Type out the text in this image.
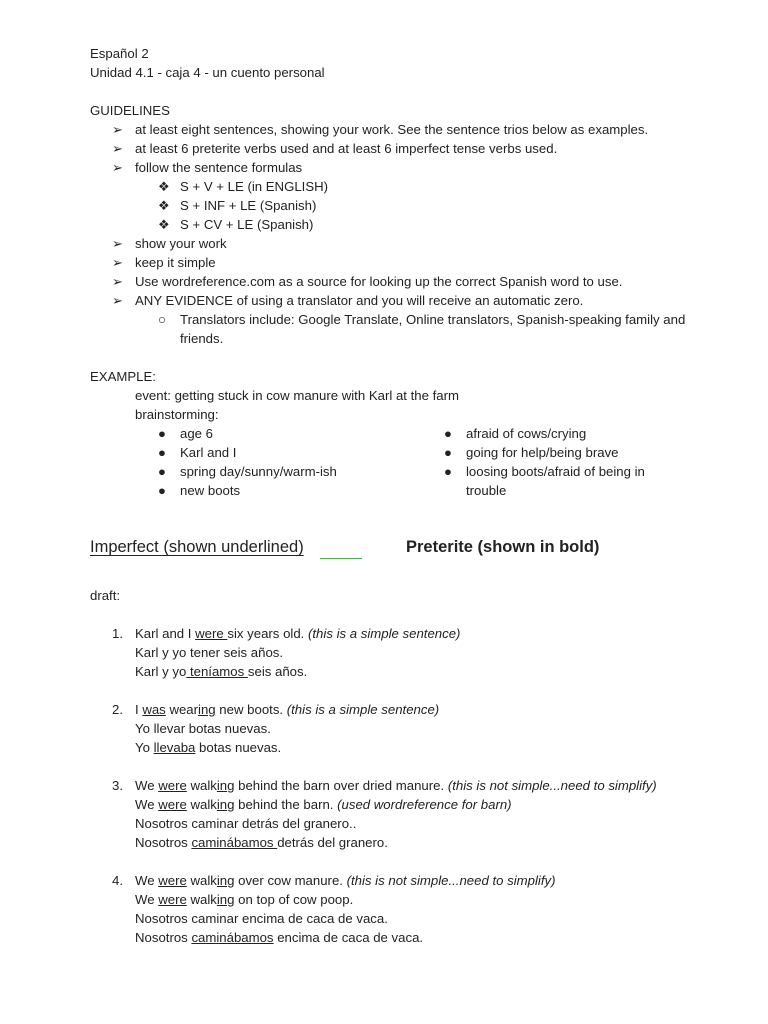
Español 2
Unidad 4.1 - caja 4 - un cuento personal
GUIDELINES
➢ at least eight sentences, showing your work. See the sentence trios below as examples.
➢ at least 6 preterite verbs used and at least 6 imperfect tense verbs used.
➢ follow the sentence formulas
❖ S + V + LE (in ENGLISH)
❖ S + INF + LE (Spanish)
❖ S + CV + LE (Spanish)
➢ show your work
➢ keep it simple
➢ Use wordreference.com as a source for looking up the correct Spanish word to use.
➢ ANY EVIDENCE of using a translator and you will receive an automatic zero.
○	Translators include: Google Translate, Online translators, Spanish-speaking family and friends.
EXAMPLE:
event: getting stuck in cow manure with Karl at the farm
brainstorming:
●	age 6
●	Karl and I
●	spring day/sunny/warm-ish
●	new boots
●	afraid of cows/crying
●	going for help/being brave
●	loosing boots/afraid of being in trouble
Imperfect (shown underlined)	Preterite (shown in bold)
draft:
1. Karl and I were six years old. (this is a simple sentence)
Karl y yo tener seis años.
Karl y yo teníamos seis años.
2. I was wearing new boots. (this is a simple sentence)
Yo llevar botas nuevas.
Yo llevaba botas nuevas.
3. We were walking behind the barn over dried manure. (this is not simple...need to simplify)
We were walking behind the barn. (used wordreference for barn)
Nosotros caminar detrás del granero..
Nosotros caminábamos detrás del granero.
4. We were walking over cow manure. (this is not simple...need to simplify)
We were walking on top of cow poop.
Nosotros caminar encima de caca de vaca.
Nosotros caminábamos encima de caca de vaca.
